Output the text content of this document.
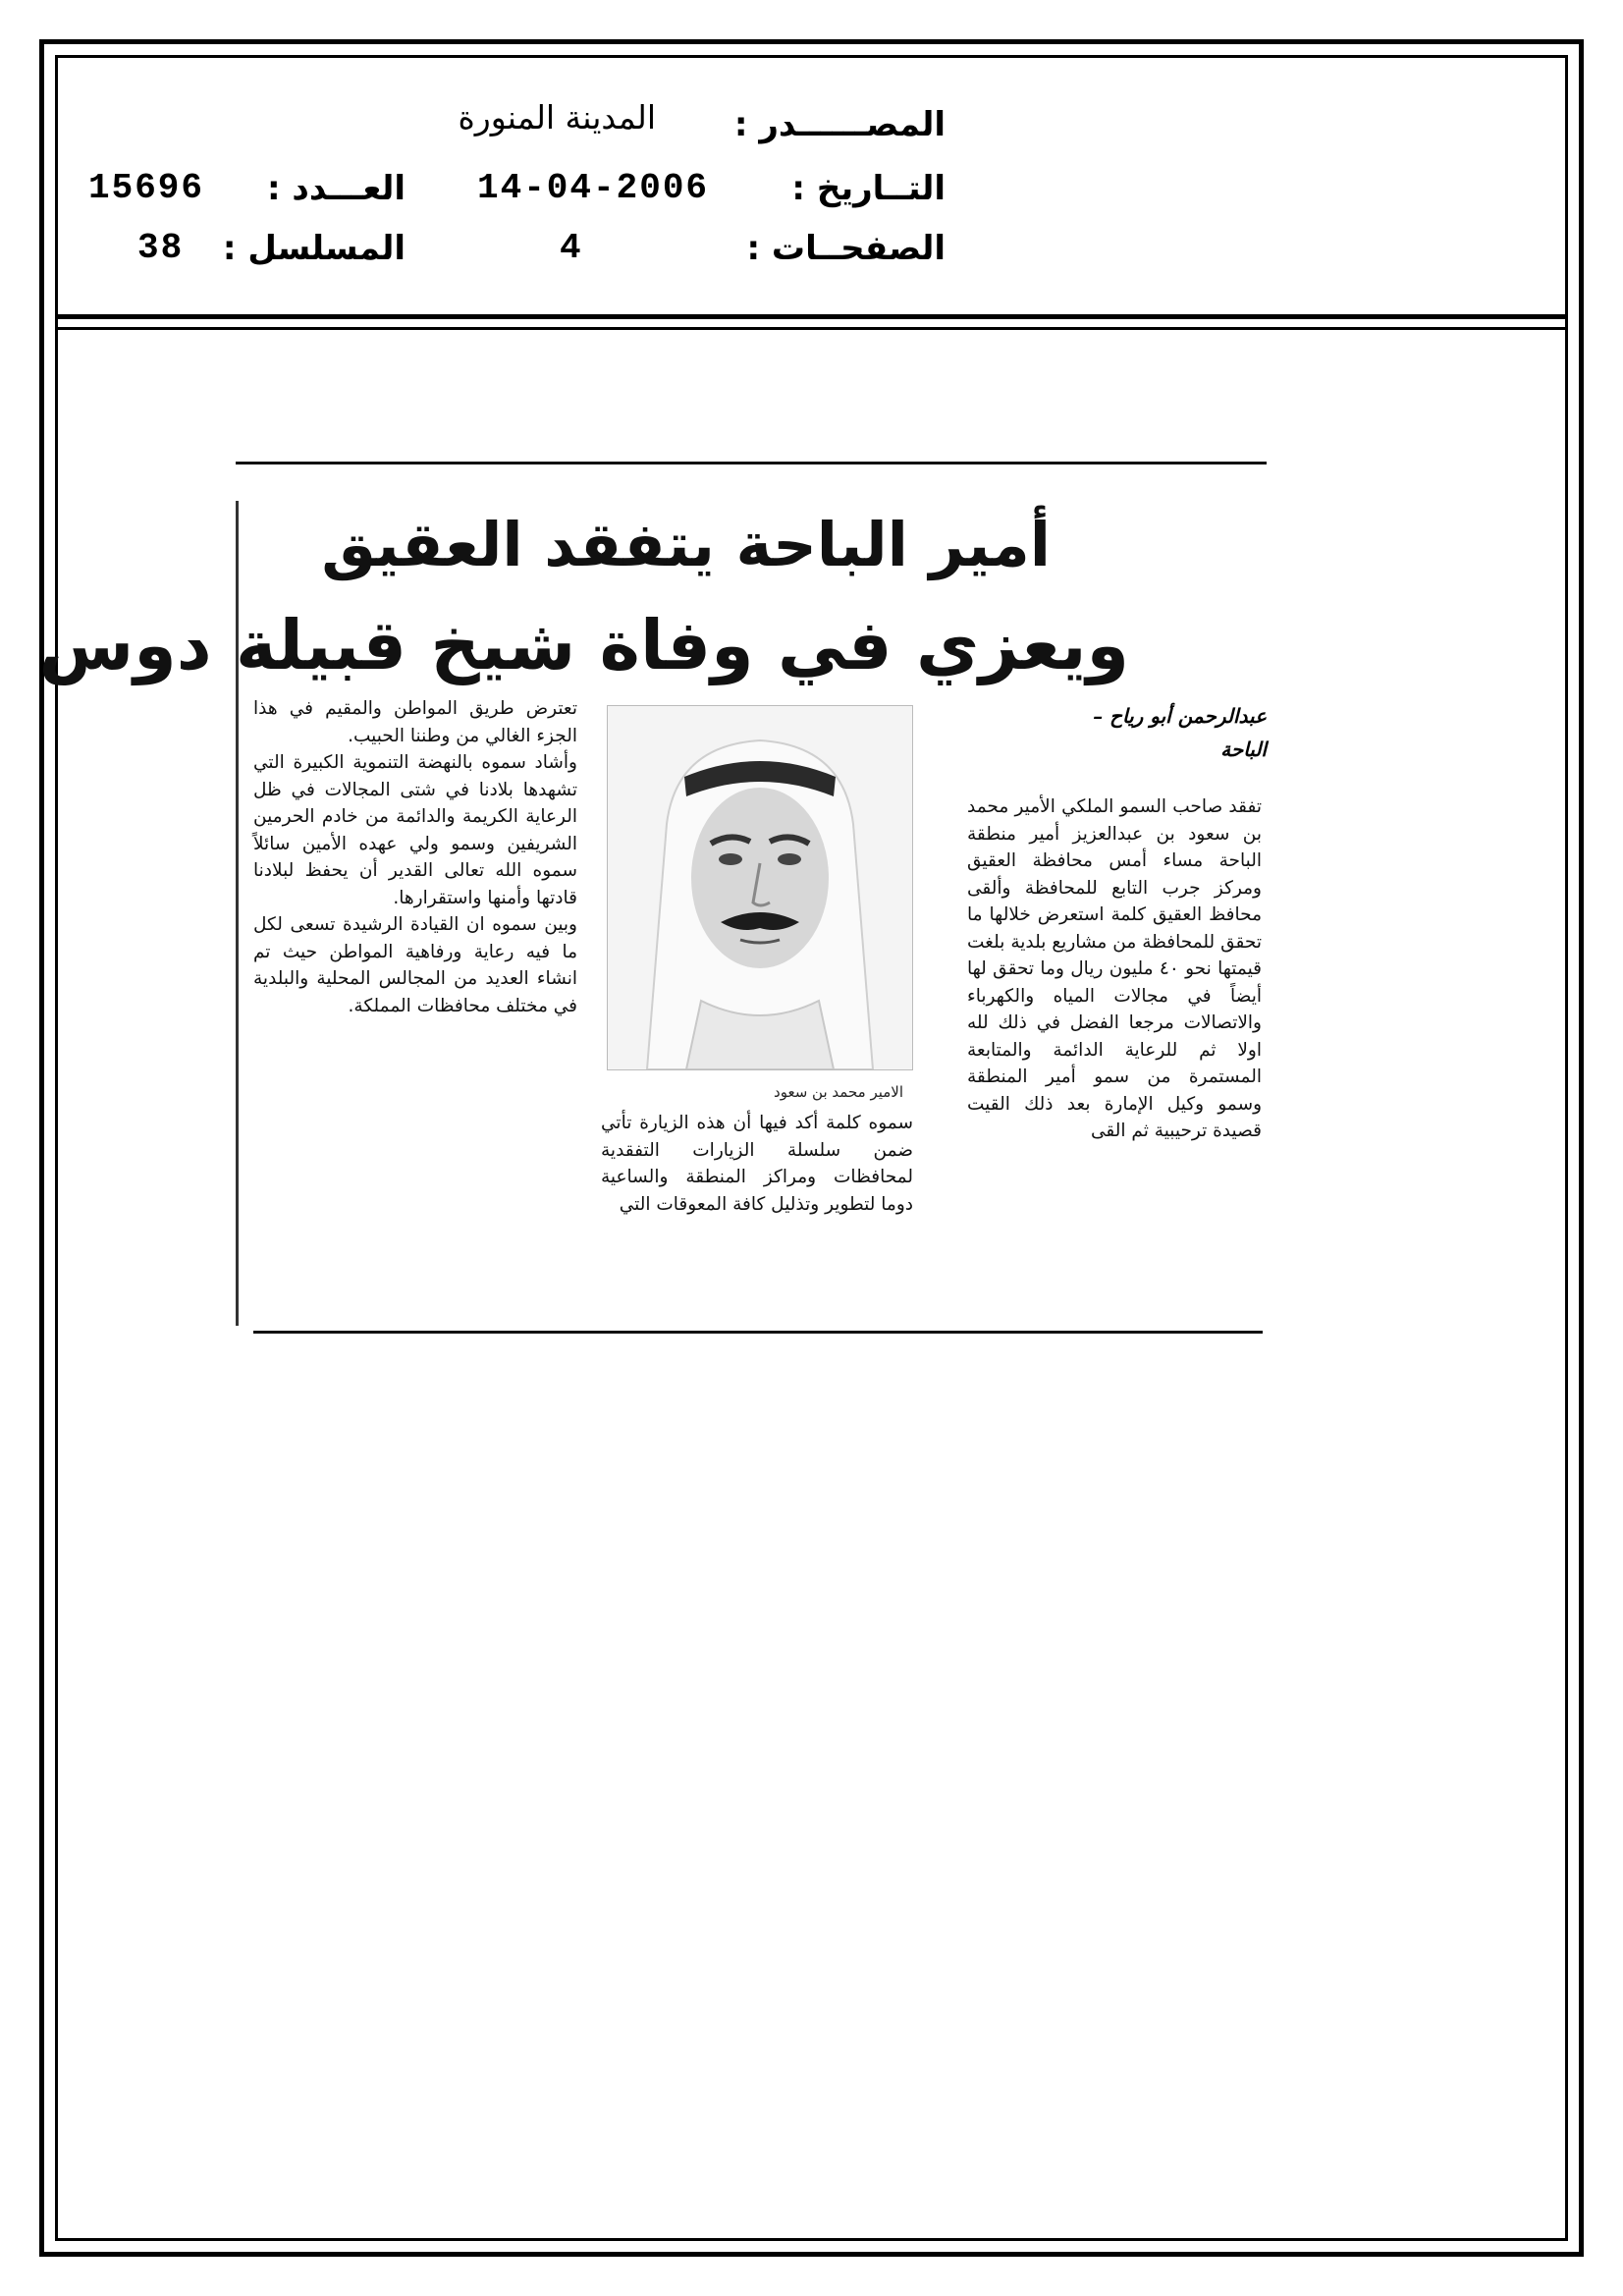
المصــــــدر :
المدينة المنورة
التــاريخ :
14-04-2006
العـــدد :
15696
الصفحــات :
4
المسلسل :
38
أمير الباحة يتفقد العقيق
ويعزي في وفاة شيخ قبيلة دوس
عبدالرحمن أبو رياح –
الباحة

تفقد صاحب السمو الملكي الأمير محمد بن سعود بن عبدالعزيز أمير منطقة الباحة مساء أمس محافظة العقيق ومركز جرب التابع للمحافظة وألقى محافظ العقيق كلمة استعرض خلالها ما تحقق للمحافظة من مشاريع بلدية بلغت قيمتها نحو ٤٠ مليون ريال وما تحقق لها أيضاً في مجالات المياه والكهرباء والاتصالات مرجعا الفضل في ذلك لله اولا ثم للرعاية الدائمة والمتابعة المستمرة من سمو أمير المنطقة وسمو وكيل الإمارة بعد ذلك القيت قصيدة ترحيبية ثم القى

الامير محمد بن سعود

سموه كلمة أكد فيها أن هذه الزيارة تأتي ضمن سلسلة الزيارات التفقدية لمحافظات ومراكز المنطقة والساعية دوما لتطوير وتذليل كافة المعوقات التي

تعترض طريق المواطن والمقيم في هذا الجزء الغالي من وطننا الحبيب.

وأشاد سموه بالنهضة التنموية الكبيرة التي تشهدها بلادنا في شتى المجالات في ظل الرعاية الكريمة والدائمة من خادم الحرمين الشريفين وسمو ولي عهده الأمين سائلاً سموه الله تعالى القدير أن يحفظ لبلادنا قادتها وأمنها واستقرارها.

وبين سموه ان القيادة الرشيدة تسعى لكل ما فيه رعاية ورفاهية المواطن حيث تم انشاء العديد من المجالس المحلية والبلدية في مختلف محافظات المملكة.
